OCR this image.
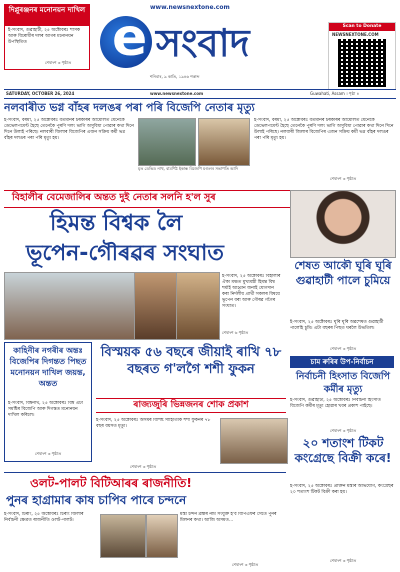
দিপ্লুৰঞ্জনৰ মনোনয়ন দাখিল
ই-সংবাদ, গুৱাহাটী, ২৫ অক্টোবৰঃ শাসক আৰু বিৰোধীৰ দলৰ আগৰ মনোনয়ন উপস্থিতিত
শেষাংশ ৩ পৃষ্ঠাত
www.newsnextone.com
e সংবাদ
শনিবাৰ, ৯ কাতি, ১৯৪৬ শকাব্দ
Scan to Donate
NEWSNEXTONE.COM
SATURDAY, OCTOBER 26, 2024	www.newsnextone.com	Guwahati, Assam । পৃষ্ঠা ৪
নলবাৰীত ভগ্ন বাঁহৰ দলঙৰ পৰা পৰি বিজেপি নেতাৰ মৃত্যু
ই-সংবাদ, বৰমা, ২৫ অক্টোবৰঃ বৰ্তমানৰ চৰকাৰৰ আমোলত যেনেকৈ ডেভেলপমেণ্ট হৈছে তেনেকৈ পুৰণি দলং ভাগি অসুবিধা পোৱাৰ কথা দিনে দিনে উলাই পৰিছে। নলবাৰী জিলাৰ বিজেপিৰ এজন সক্ৰিয় কৰ্মী ভগ্ন বাঁহৰ দলঙৰ পৰা পৰি মৃত্যু হয়।
মৃত ডেভিড নাথ, বামপিঠ ইকান্ধ বিজেপি মণ্ডলৰ সভাপতি আদি
ই-সংবাদ, বৰমা, ২৫ অক্টোবৰঃ বৰ্তমানৰ চৰকাৰৰ আমোলত যেনেকৈ ডেভেলপমেণ্ট হৈছে তেনেকৈ পুৰণি দলং ভাগি অসুবিধা পোৱাৰ কথা দিনে দিনে উলাই পৰিছে। নলবাৰী জিলাৰ বিজেপিৰ এজন সক্ৰিয় কৰ্মী ভগ্ন বাঁহৰ দলঙৰ পৰা পৰি মৃত্যু হয়।
শেষাংশ ৩ পৃষ্ঠাত
বিহালীৰ বেমেজালিৰ অন্তত দুই নেতাৰ সলনি হ'ল সুৰ
হিমন্ত বিশ্বক লৈ
ভূপেন-গৌৰৱৰ সংঘাত
ই-সংবাদ, ২৫ অক্টোবৰঃ বিহালীৰ ঐক্য মঞ্চত মুখ্যমন্ত্ৰী হিমন্ত বিশ্ব শৰ্মাই আহ্বান জনাই যোগদান কৰা নিৰ্দলীয় প্ৰাৰ্থী সকলৰ বিষয়ে ভূপেন বৰা আৰু গৌৰৱ গগৈৰ সংঘাত।
শেষাংশ ৬ পৃষ্ঠাত
শেষত আকৌ ঘূৰি ঘূৰি গুৱাহাটী পালে চুমিয়ে
ই-সংবাদ, ২৫ অক্টোবৰঃ ঘূৰি ঘূৰি অৱশেষত গুৱাহাটী পালেহি চুমি। এটা বছৰৰ পিছত ঘৰলৈ উভতিল।
শেষাংশ ৩ পৃষ্ঠাত
চাম ৰুৰিৰ উপ-নিৰ্বাচন
নিৰ্বাচনী হিংসাত বিজেপি কৰ্মীৰ মৃত্যু
ই-সংবাদ, গুৱাহাটী, ২৫ অক্টোবৰঃ নিৰ্বাচনী হিংসাত বিজেপি কৰ্মীৰ মৃত্যু হোৱাৰ খবৰ প্ৰকাশ পাইছে।
শেষাংশ ৩ পৃষ্ঠাত
২০ শতাংশ টিকট কংগ্ৰেছে বিক্ৰী কৰে!
ই-সংবাদ, ২৫ অক্টোবৰঃ প্ৰাক্তন মন্ত্ৰীৰ অভিযোগ, কংগ্ৰেছৰ ২০ শতাংশ টিকট বিক্ৰী কৰা হয়।
শেষাংশ ৩ পৃষ্ঠাত
কাহিনীৰ নগৰীৰ অন্তঃ বিজেপিৰ দিগন্তত পিছত মনোনয়ন দাখিল জয়ন্ত, অন্তত
ই-সংবাদ, বিশ্বনাথ, ২৫ অক্টোবৰঃ বিশ্ব এটা সমষ্টিৰ বিজেপি আৰু দিগন্তত মনোনয়ন দাখিল কৰিলে।
শেষাংশ ৩ পৃষ্ঠাত
বিস্ময়ক ৫৬ বছৰে জীয়াই ৰাখি ৭৮ বছৰত গ'লগৈ শশী ফুকন
ৰাজ্যজুৰি ভিন্নজনৰ শোক প্ৰকাশ
ই-সংবাদ, ২৫ অক্টোবৰঃ অসমৰ বিশিষ্ট সাহিত্যিক শশী ফুকনৰ ৭৮ বছৰ বয়সত মৃত্যু।
শেষাংশ ৩ পৃষ্ঠাত
ওলট-পালট বিটিআৰৰ ৰাজনীতি!
পুনৰ হাগ্ৰামাৰ কাষ চাপিব পাৰে চন্দনে
ই-সংবাদ, চিৰাং, ২৫ অক্টোবৰঃ চিৰাং জিলাৰ নিৰ্বাচনী ক্ষেত্ৰত ৰাজনীতি ওলট-পালট।
মন্ত্ৰী চন্দন ব্ৰহ্মৰ নাম সংযুক্ত হ'ব বিপিএফৰ সৈতে পুনৰ মিলনৰ কথা। আজি অসমত...
শেষাংশ ৩ পৃষ্ঠাত
